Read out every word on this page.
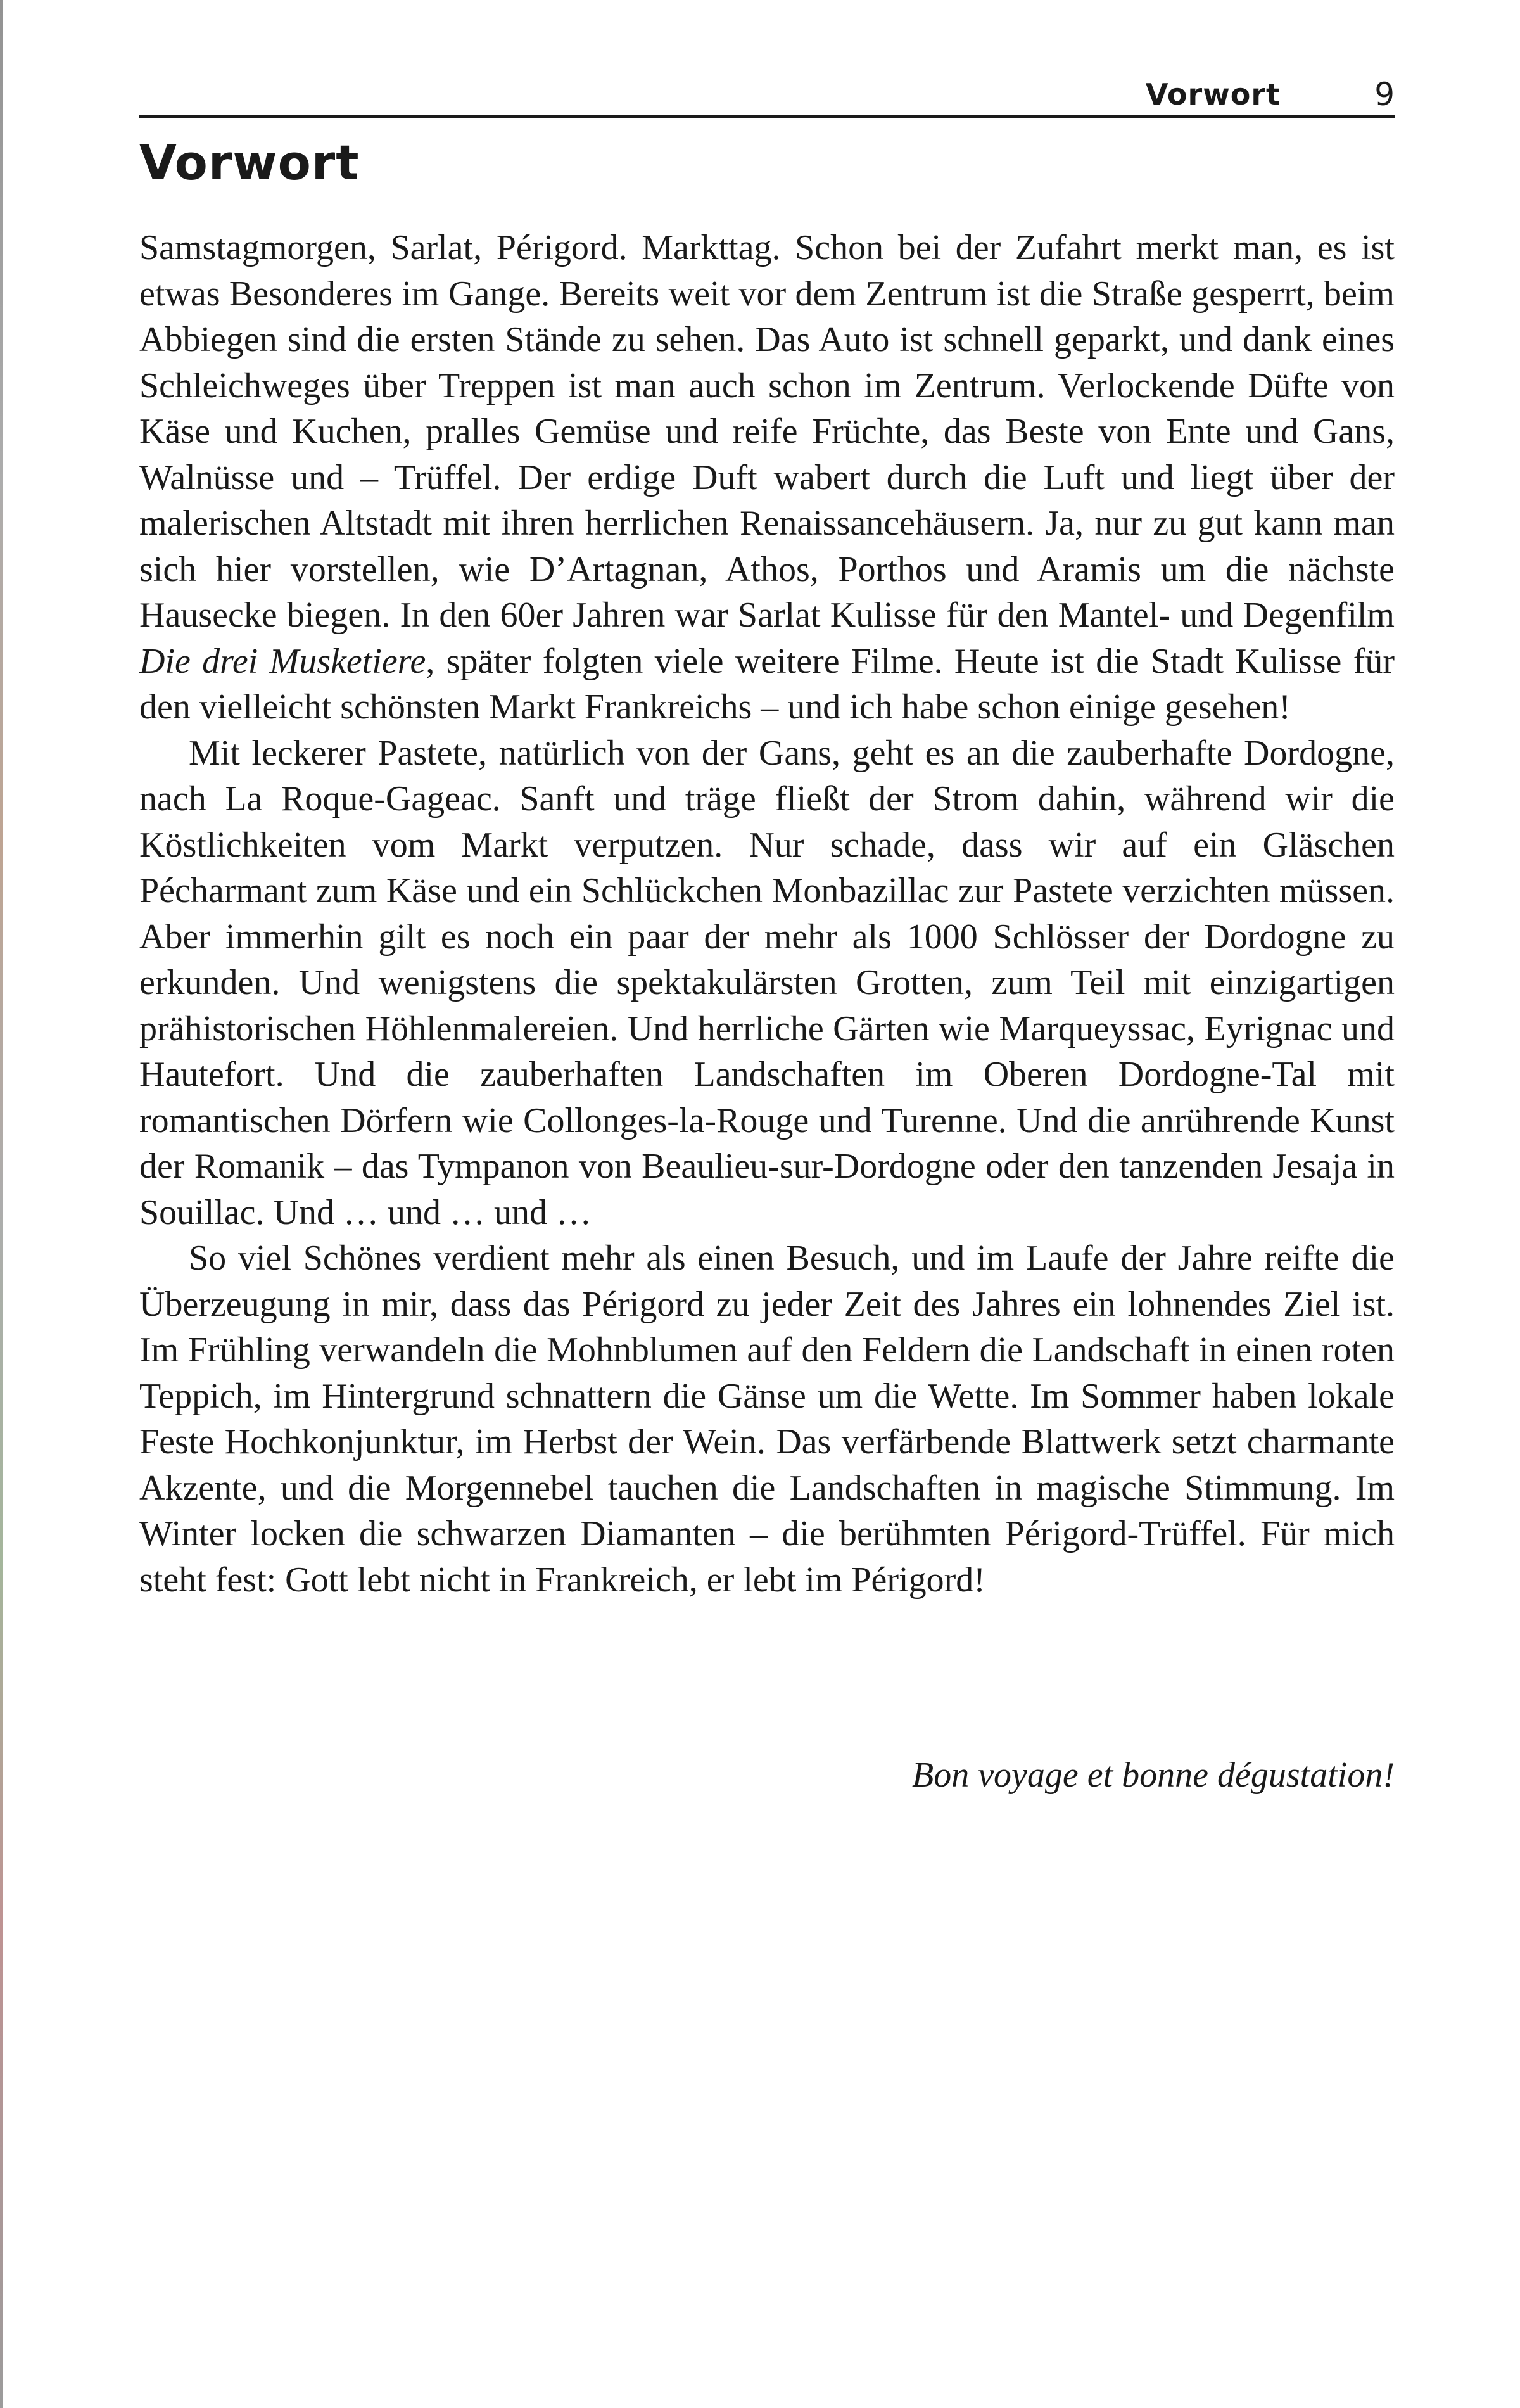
Vorwort	9
Vorwort

Samstagmorgen, Sarlat, Périgord. Markttag. Schon bei der Zufahrt merkt man, es ist etwas Besonderes im Gange. Bereits weit vor dem Zentrum ist die Straße gesperrt, beim Abbiegen sind die ersten Stände zu sehen. Das Auto ist schnell geparkt, und dank eines Schleichweges über Treppen ist man auch schon im Zentrum. Verlockende Düfte von Käse und Kuchen, pralles Gemüse und reife Früchte, das Beste von Ente und Gans, Walnüsse und – Trüffel. Der erdige Duft wabert durch die Luft und liegt über der malerischen Altstadt mit ihren herrlichen Renaissancehäusern. Ja, nur zu gut kann man sich hier vorstellen, wie D’Artagnan, Athos, Porthos und Aramis um die nächste Hausecke biegen. In den 60er Jahren war Sarlat Kulisse für den Mantel- und Degenfilm Die drei Musketiere, später folgten viele weitere Filme. Heute ist die Stadt Kulisse für den vielleicht schönsten Markt Frankreichs – und ich habe schon einige gesehen!

Mit leckerer Pastete, natürlich von der Gans, geht es an die zauberhafte Dordogne, nach La Roque-Gageac. Sanft und träge fließt der Strom dahin, während wir die Köstlichkeiten vom Markt verputzen. Nur schade, dass wir auf ein Gläschen Pécharmant zum Käse und ein Schlückchen Monbazillac zur Pastete verzichten müssen. Aber immerhin gilt es noch ein paar der mehr als 1000 Schlösser der Dordogne zu erkunden. Und wenigstens die spektakulärsten Grotten, zum Teil mit einzigartigen prähistorischen Höhlenmalereien. Und herrliche Gärten wie Marqueyssac, Eyrignac und Hautefort. Und die zauberhaften Landschaften im Oberen Dordogne-Tal mit romantischen Dörfern wie Collonges-la-Rouge und Turenne. Und die anrührende Kunst der Romanik – das Tympanon von Beaulieu-sur-Dordogne oder den tanzenden Jesaja in Souillac. Und … und … und …

So viel Schönes verdient mehr als einen Besuch, und im Laufe der Jahre reifte die Überzeugung in mir, dass das Périgord zu jeder Zeit des Jahres ein lohnendes Ziel ist. Im Frühling verwandeln die Mohnblumen auf den Feldern die Landschaft in einen roten Teppich, im Hintergrund schnattern die Gänse um die Wette. Im Sommer haben lokale Feste Hochkonjunktur, im Herbst der Wein. Das verfärbende Blattwerk setzt charmante Akzente, und die Morgennebel tauchen die Landschaften in magische Stimmung. Im Winter locken die schwarzen Diamanten – die berühmten Périgord-Trüffel. Für mich steht fest: Gott lebt nicht in Frankreich, er lebt im Périgord!

Bon voyage et bonne dégustation!
